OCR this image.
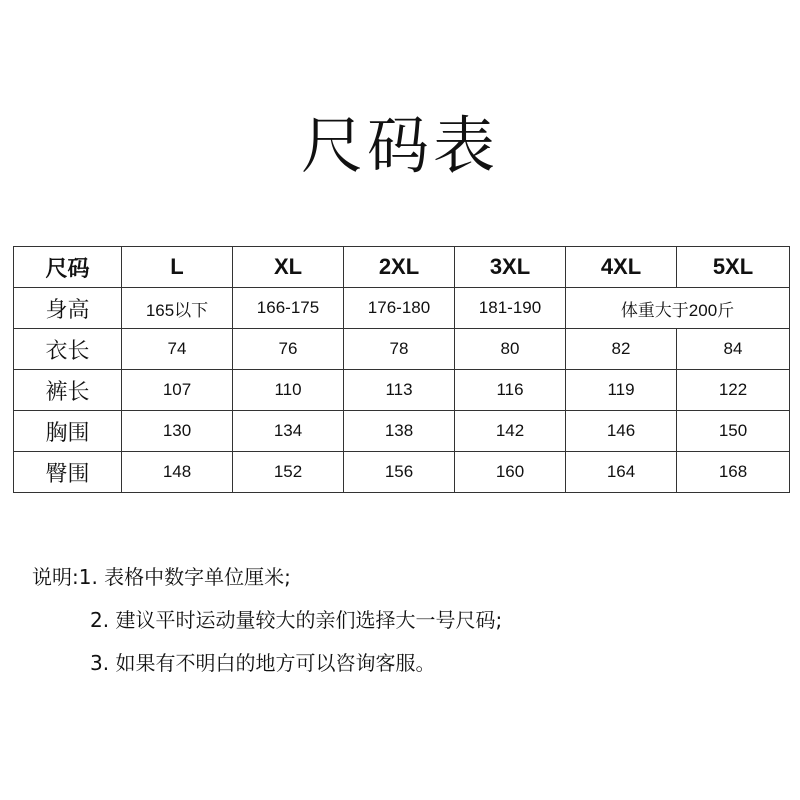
尺码表
尺码	L	XL	2XL	3XL	4XL	5XL
身高	165以下	166-175	176-180	181-190	体重大于200斤	
衣长	74	76	78	80	82	84
裤长	107	110	113	116	119	122
胸围	130	134	138	142	146	150
臀围	148	152	156	160	164	168
说明:1. 表格中数字单位厘米;
2. 建议平时运动量较大的亲们选择大一号尺码;
3. 如果有不明白的地方可以咨询客服。
